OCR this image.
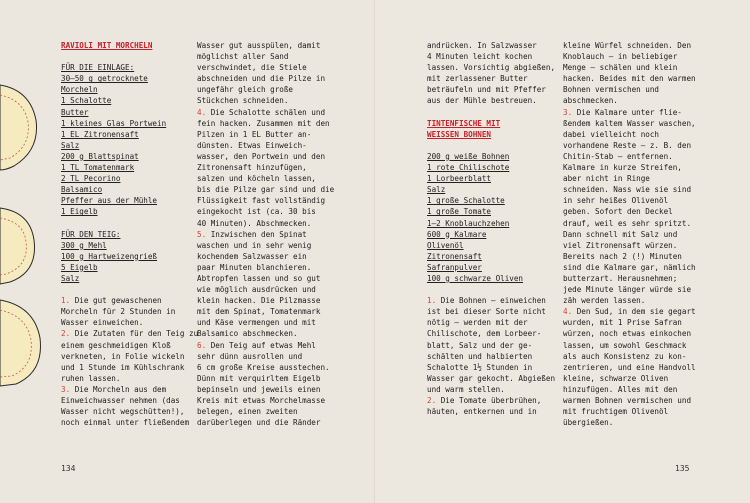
RAVIOLI MIT MORCHELN
FÜR DIE EINLAGE:
30–50 g getrocknete
Morcheln
1 Schalotte
Butter
1 kleines Glas Portwein
1 EL Zitronensaft
Salz
200 g Blattspinat
1 TL Tomatenmark
2 TL Pecorino
Balsamico
Pfeffer aus der Mühle
1 Eigelb
FÜR DEN TEIG:
300 g Mehl
100 g Hartweizengrieß
5 Eigelb
Salz
1. Die gut gewaschenen
Morcheln für 2 Stunden in
Wasser einweichen.
2. Die Zutaten für den Teig zu
einem geschmeidigen Kloß
verkneten, in Folie wickeln
und 1 Stunde im Kühlschrank
ruhen lassen.
3. Die Morcheln aus dem
Einweichwasser nehmen (das
Wasser nicht wegschütten!),
noch einmal unter fließendem
Wasser gut ausspülen, damit
möglichst aller Sand
verschwindet, die Stiele
abschneiden und die Pilze in
ungefähr gleich große
Stückchen schneiden.
4. Die Schalotte schälen und
fein hacken. Zusammen mit den
Pilzen in 1 EL Butter an-
dünsten. Etwas Einweich-
wasser, den Portwein und den
Zitronensaft hinzufügen,
salzen und köcheln lassen,
bis die Pilze gar sind und die
Flüssigkeit fast vollständig
eingekocht ist (ca. 30 bis
40 Minuten). Abschmecken.
5. Inzwischen den Spinat
waschen und in sehr wenig
kochendem Salzwasser ein
paar Minuten blanchieren.
Abtropfen lassen und so gut
wie möglich ausdrücken und
klein hacken. Die Pilzmasse
mit dem Spinat, Tomatenmark
und Käse vermengen und mit
Balsamico abschmecken.
6. Den Teig auf etwas Mehl
sehr dünn ausrollen und
6 cm große Kreise ausstechen.
Dünn mit verquirltem Eigelb
bepinseln und jeweils einen
Kreis mit etwas Morchelmasse
belegen, einen zweiten
darüberlegen und die Ränder
134
andrücken. In Salzwasser
4 Minuten leicht kochen
lassen. Vorsichtig abgießen,
mit zerlassener Butter
beträufeln und mit Pfeffer
aus der Mühle bestreuen.
TINTENFISCHE MIT
WEISSEN BOHNEN
200 g weiße Bohnen
1 rote Chilischote
1 Lorbeerblatt
Salz
1 große Schalotte
1 große Tomate
1–2 Knoblauchzehen
600 g Kalmare
Olivenöl
Zitronensaft
Safranpulver
100 g schwarze Oliven
1. Die Bohnen – einweichen
ist bei dieser Sorte nicht
nötig – werden mit der
Chilischote, dem Lorbeer-
blatt, Salz und der ge-
schälten und halbierten
Schalotte 1½ Stunden in
Wasser gar gekocht. Abgießen
und warm stellen.
2. Die Tomate überbrühen,
häuten, entkernen und in
kleine Würfel schneiden. Den
Knoblauch – in beliebiger
Menge – schälen und klein
hacken. Beides mit den warmen
Bohnen vermischen und
abschmecken.
3. Die Kalmare unter flie-
ßendem kaltem Wasser waschen,
dabei vielleicht noch
vorhandene Reste – z. B. den
Chitin-Stab – entfernen.
Kalmare in kurze Streifen,
aber nicht in Ringe
schneiden. Nass wie sie sind
in sehr heißes Olivenöl
geben. Sofort den Deckel
drauf, weil es sehr spritzt.
Dann schnell mit Salz und
viel Zitronensaft würzen.
Bereits nach 2 (!) Minuten
sind die Kalmare gar, nämlich
butterzart. Herausnehmen;
jede Minute länger würde sie
zäh werden lassen.
4. Den Sud, in dem sie gegart
wurden, mit 1 Prise Safran
würzen, noch etwas einkochen
lassen, um sowohl Geschmack
als auch Konsistenz zu kon-
zentrieren, und eine Handvoll
kleine, schwarze Oliven
hinzufügen. Alles mit den
warmen Bohnen vermischen und
mit fruchtigem Olivenöl
übergießen.
135
